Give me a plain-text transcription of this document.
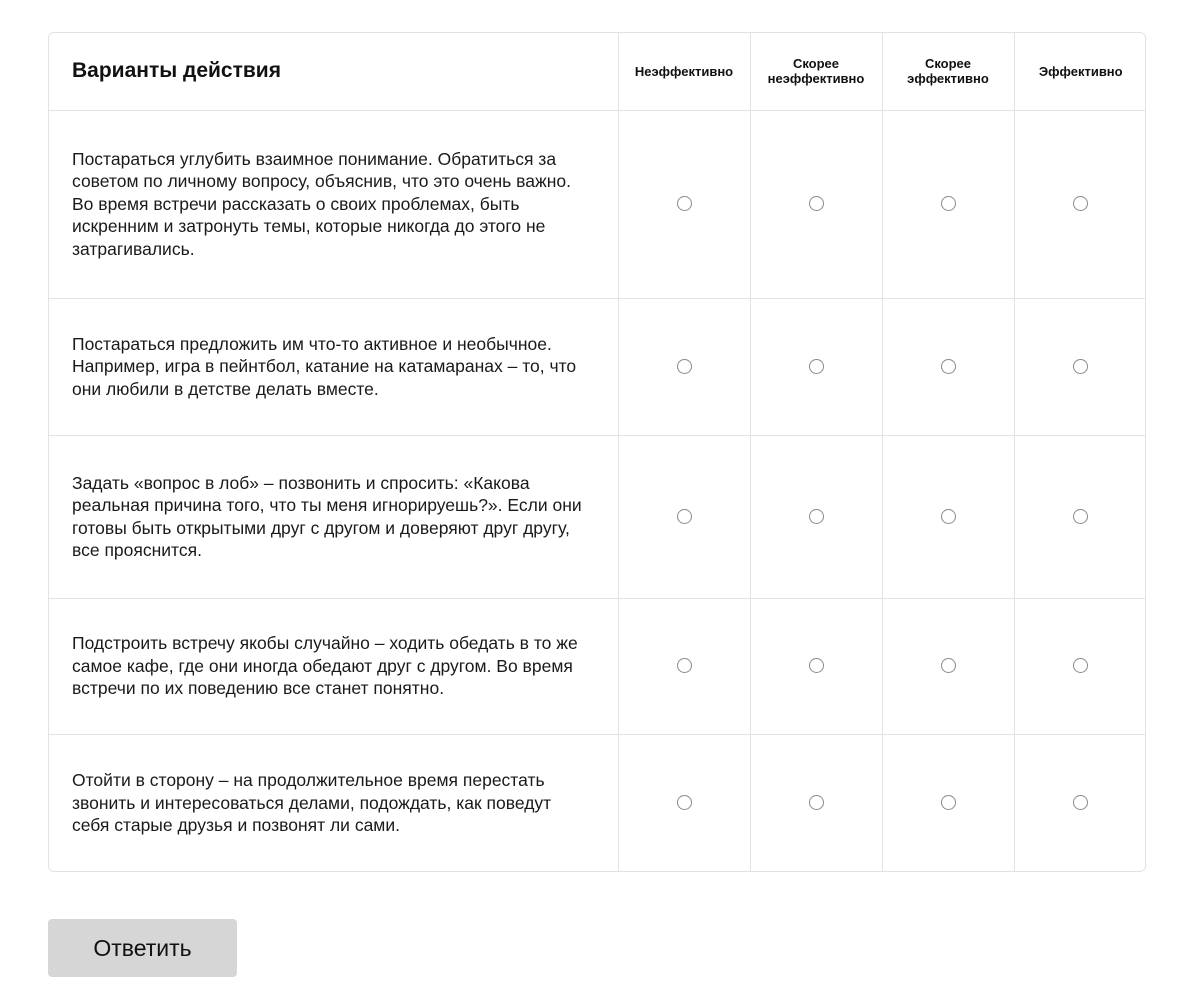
Варианты действия	Неэффективно	Скорее неэффективно	Скорее эффективно	Эффективно
Постараться углубить взаимное понимание. Обратиться за советом по личному вопросу, объяснив, что это очень важно. Во время встречи рассказать о своих проблемах, быть искренним и затронуть темы, которые никогда до этого не затрагивались.				
Постараться предложить им что-то активное и необычное. Например, игра в пейнтбол, катание на катамаранах – то, что они любили в детстве делать вместе.				
Задать «вопрос в лоб» – позвонить и спросить: «Какова реальная причина того, что ты меня игнорируешь?». Если они готовы быть открытыми друг с другом и доверяют друг другу, все прояснится.				
Подстроить встречу якобы случайно – ходить обедать в то же самое кафе, где они иногда обедают друг с другом. Во время встречи по их поведению все станет понятно.				
Отойти в сторону – на продолжительное время перестать звонить и интересоваться делами, подождать, как поведут себя старые друзья и позвонят ли сами.				
Ответить
